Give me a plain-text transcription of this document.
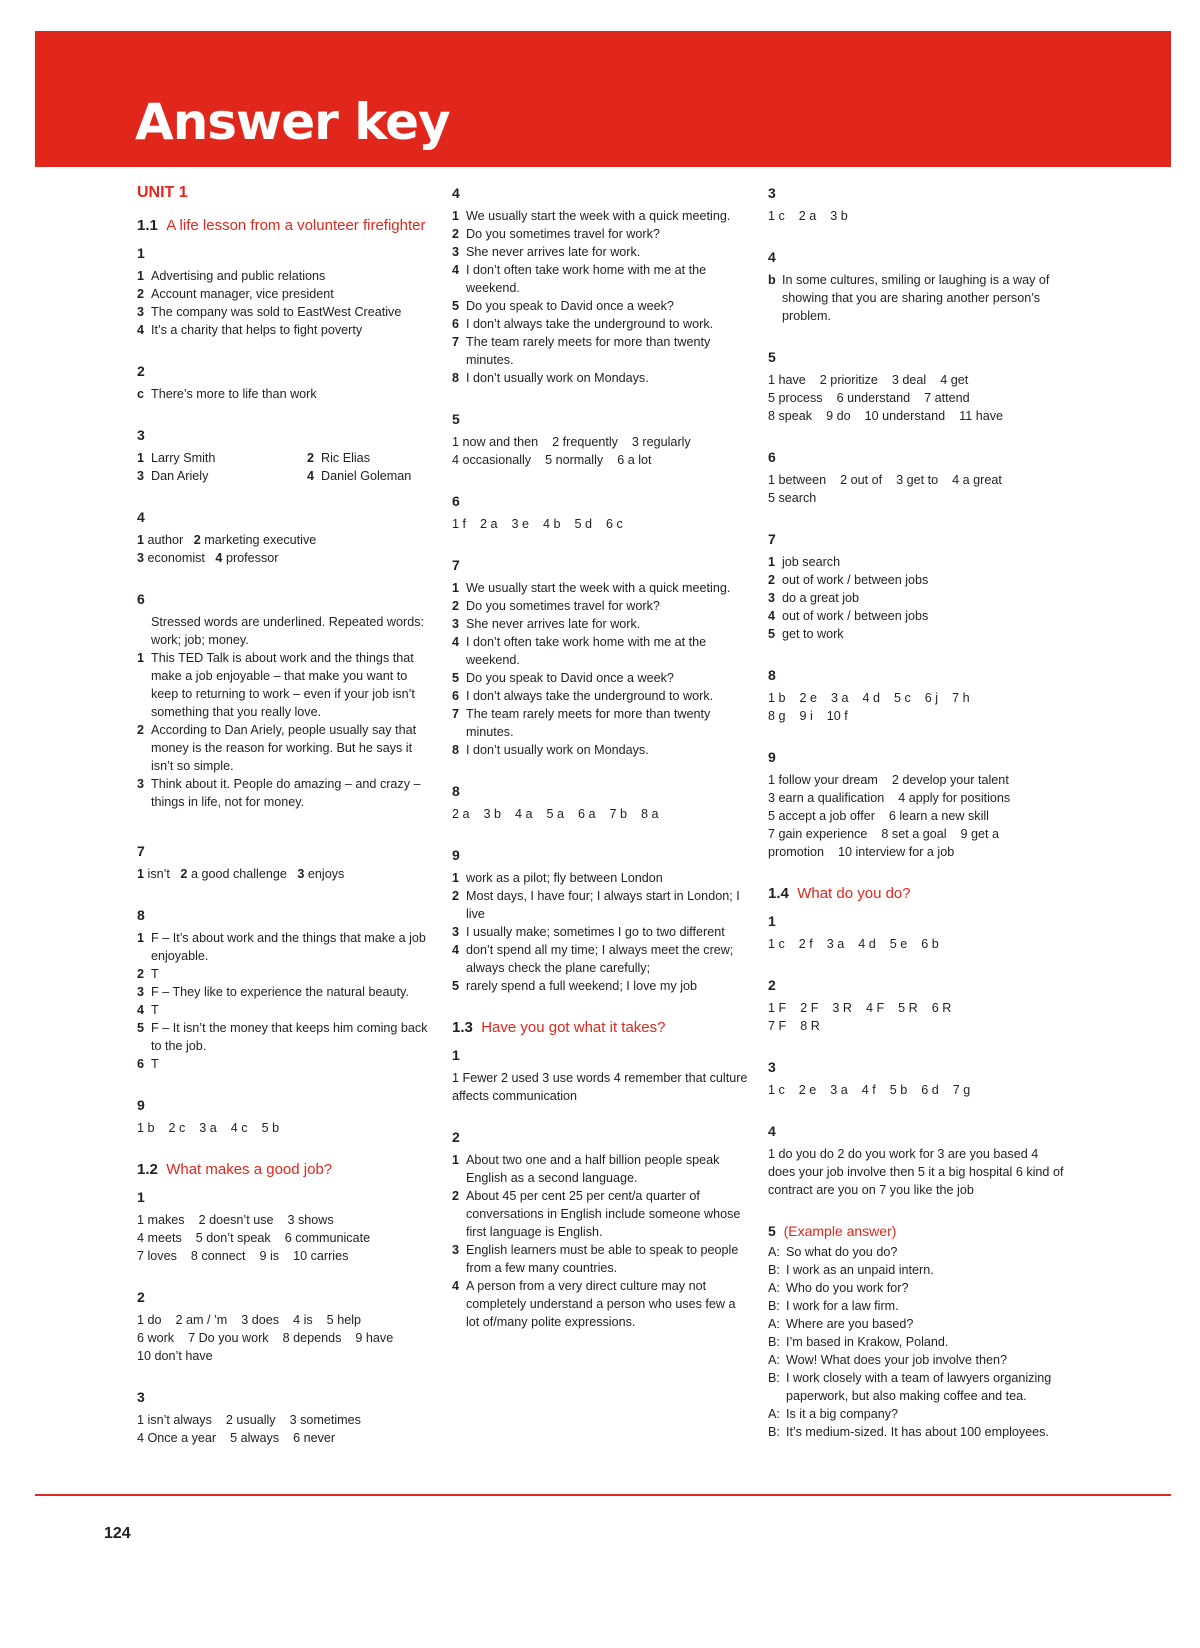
Answer key
UNIT 1
1.1 A life lesson from a volunteer firefighter
1
1 Advertising and public relations
2 Account manager, vice president
3 The company was sold to EastWest Creative
4 It’s a charity that helps to fight poverty
2
c There’s more to life than work
3
1 Larry Smith	2 Ric Elias
3 Dan Ariely	4 Daniel Goleman
4
1 author 2 marketing executive
3 economist 4 professor
6
Stressed words are underlined. Repeated words: work; job; money.
1 This TED Talk is about work and the things that make a job enjoyable – that make you want to keep to returning to work – even if your job isn’t something that you really love.
2 According to Dan Ariely, people usually say that money is the reason for working. But he says it isn’t so simple.
3 Think about it. People do amazing – and crazy – things in life, not for money.
7
1 isn’t 2 a good challenge 3 enjoys
8
1 F – It’s about work and the things that make a job enjoyable.
2 T
3 F – They like to experience the natural beauty.
4 T
5 F – It isn’t the money that keeps him coming back to the job.
6 T
9
1 b    2 c    3 a    4 c    5 b
1.2 What makes a good job?
1
1 makes    2 doesn’t use    3 shows
4 meets    5 don’t speak    6 communicate
7 loves    8 connect    9 is    10 carries
2
1 do    2 am / ’m    3 does    4 is    5 help
6 work    7 Do you work    8 depends    9 have
10 don’t have
3
1 isn’t always    2 usually    3 sometimes
4 Once a year    5 always    6 never
4
1 We usually start the week with a quick meeting.
2 Do you sometimes travel for work?
3 She never arrives late for work.
4 I don’t often take work home with me at the weekend.
5 Do you speak to David once a week?
6 I don’t always take the underground to work.
7 The team rarely meets for more than twenty minutes.
8 I don’t usually work on Mondays.
5
1 now and then    2 frequently    3 regularly
4 occasionally    5 normally    6 a lot
6
1 f    2 a    3 e    4 b    5 d    6 c
7
1 We usually start the week with a quick meeting.
2 Do you sometimes travel for work?
3 She never arrives late for work.
4 I don’t often take work home with me at the weekend.
5 Do you speak to David once a week?
6 I don’t always take the underground to work.
7 The team rarely meets for more than twenty minutes.
8 I don’t usually work on Mondays.
8
2 a    3 b    4 a    5 a    6 a    7 b    8 a
9
1 work as a pilot; fly between London
2 Most days, I have four; I always start in London; I live
3 I usually make; sometimes I go to two different
4 don’t spend all my time; I always meet the crew; always check the plane carefully;
5 rarely spend a full weekend; I love my job
1.3 Have you got what it takes?
1
1 Fewer 2 used 3 use words 4 remember that culture affects communication
2
1 About two one and a half billion people speak English as a second language.
2 About 45 per cent 25 per cent/a quarter of conversations in English include someone whose first language is English.
3 English learners must be able to speak to people from a few many countries.
4 A person from a very direct culture may not completely understand a person who uses few a lot of/many polite expressions.
3
1 c    2 a    3 b
4
b In some cultures, smiling or laughing is a way of showing that you are sharing another person’s problem.
5
1 have    2 prioritize    3 deal    4 get
5 process    6 understand    7 attend
8 speak    9 do    10 understand    11 have
6
1 between    2 out of    3 get to    4 a great
5 search
7
1 job search
2 out of work / between jobs
3 do a great job
4 out of work / between jobs
5 get to work
8
1 b    2 e    3 a    4 d    5 c    6 j    7 h
8 g    9 i    10 f
9
1 follow your dream    2 develop your talent
3 earn a qualification    4 apply for positions
5 accept a job offer    6 learn a new skill
7 gain experience    8 set a goal    9 get a
promotion    10 interview for a job
1.4 What do you do?
1
1 c    2 f    3 a    4 d    5 e    6 b
2
1 F    2 F    3 R    4 F    5 R    6 R
7 F    8 R
3
1 c    2 e    3 a    4 f    5 b    6 d    7 g
4
1 do you do 2 do you work for 3 are you based 4 does your job involve then 5 it a big hospital 6 kind of contract are you on 7 you like the job
5 (Example answer)
A: So what do you do?
B: I work as an unpaid intern.
A: Who do you work for?
B: I work for a law firm.
A: Where are you based?
B: I’m based in Krakow, Poland.
A: Wow! What does your job involve then?
B: I work closely with a team of lawyers organizing paperwork, but also making coffee and tea.
A: Is it a big company?
B: It’s medium-sized. It has about 100 employees.
124
